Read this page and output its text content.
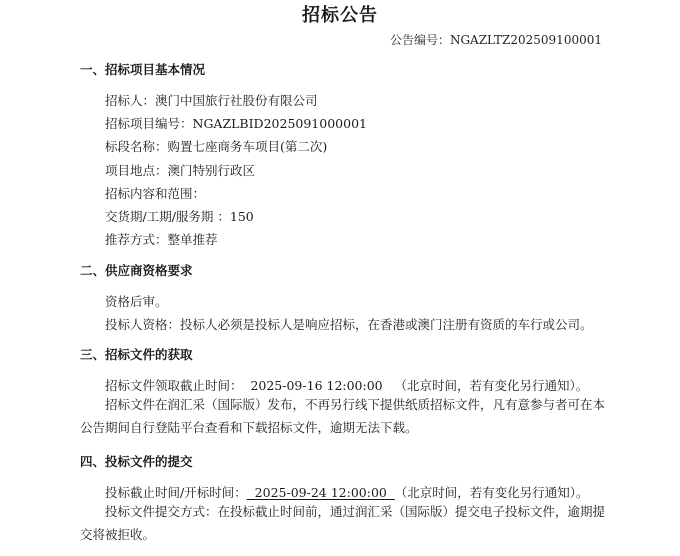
招标公告
公告编号：NGAZLTZ202509100001
一、招标项目基本情况
招标人：澳门中国旅行社股份有限公司
招标项目编号：NGAZLBID2025091000001
标段名称：购置七座商务车项目(第二次)
项目地点：澳门特别行政区
招标内容和范围：
交货期/工期/服务期 ：150
推荐方式：整单推荐
二、供应商资格要求
资格后审。
投标人资格：投标人必须是投标人是响应招标，在香港或澳门注册有资质的车行或公司。
三、招标文件的获取
招标文件领取截止时间：  2025-09-16 12:00:00   （北京时间，若有变化另行通知）。
招标文件在润汇采（国际版）发布，不再另行线下提供纸质招标文件，凡有意参与者可在本公告期间自行登陆平台查看和下载招标文件，逾期无法下载。
四、投标文件的提交
投标截止时间/开标时间：  2025-09-24 12:00:00  （北京时间，若有变化另行通知）。
投标文件提交方式：在投标截止时间前，通过润汇采（国际版）提交电子投标文件，逾期提交将被拒收。
